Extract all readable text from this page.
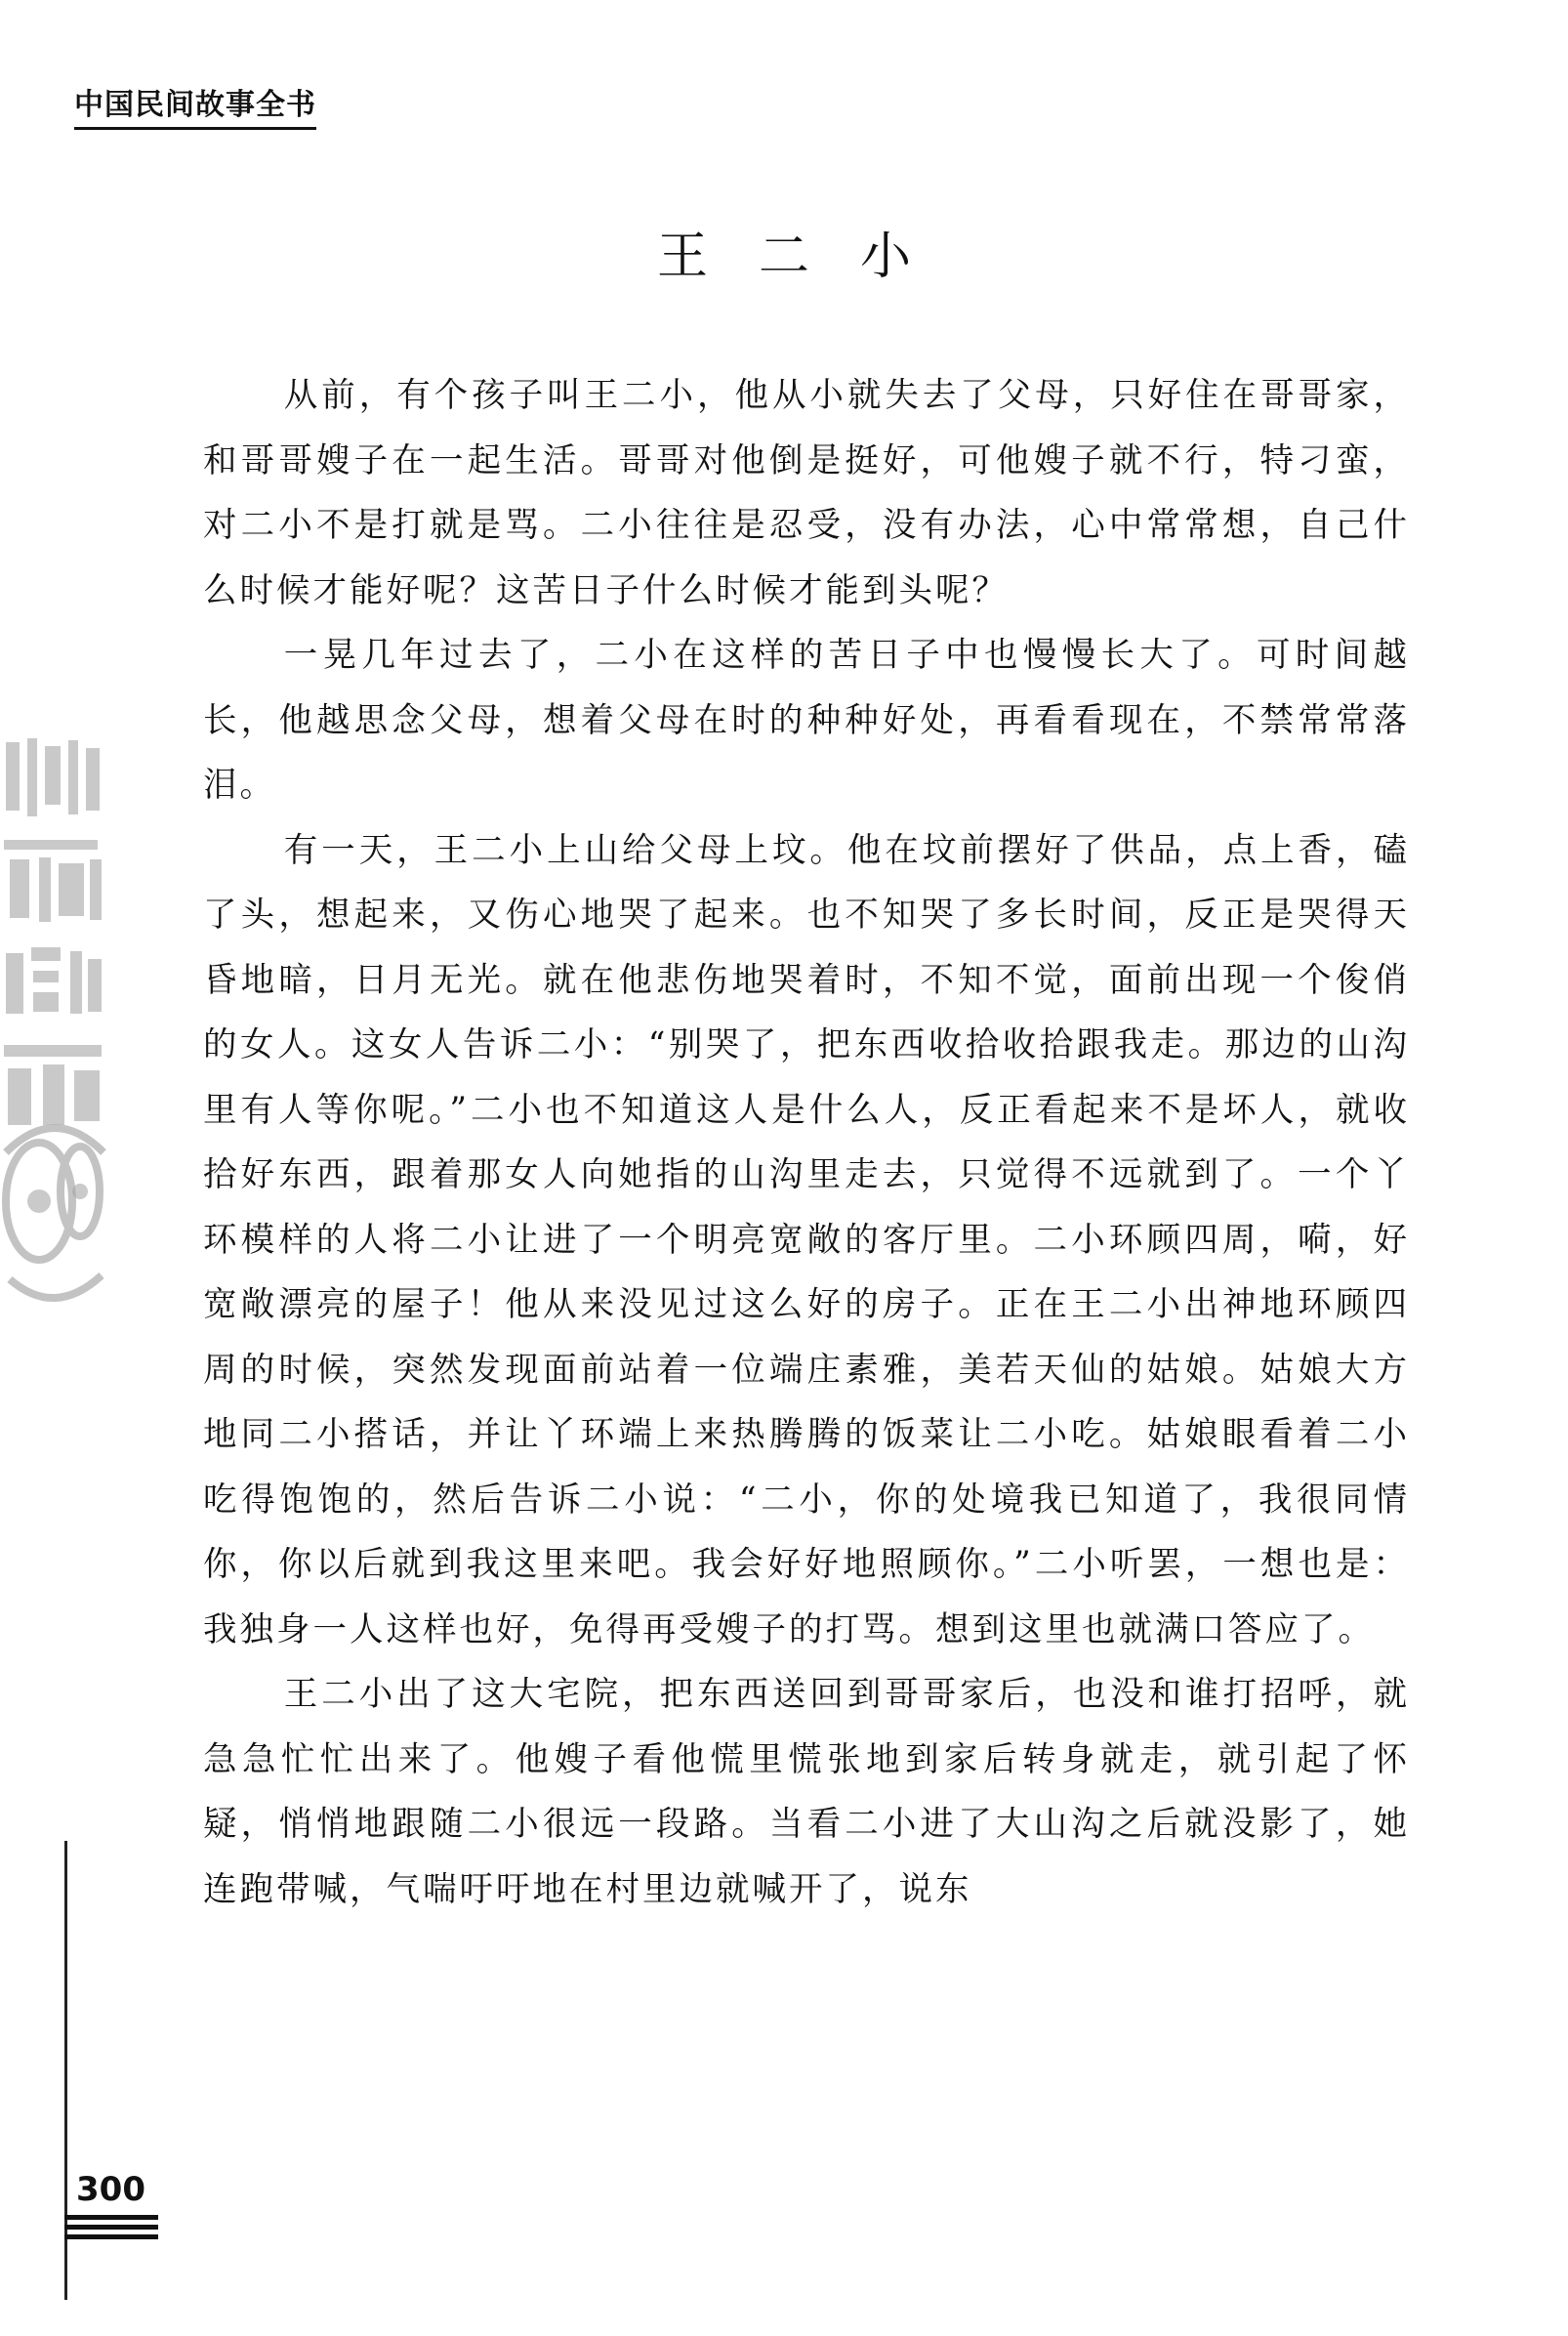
中国民间故事全书
王二小

从前，有个孩子叫王二小，他从小就失去了父母，只好住在哥哥家，和哥哥嫂子在一起生活。哥哥对他倒是挺好，可他嫂子就不行，特刁蛮，对二小不是打就是骂。二小往往是忍受，没有办法，心中常常想，自己什么时候才能好呢？这苦日子什么时候才能到头呢？

一晃几年过去了，二小在这样的苦日子中也慢慢长大了。可时间越长，他越思念父母，想着父母在时的种种好处，再看看现在，不禁常常落泪。

有一天，王二小上山给父母上坟。他在坟前摆好了供品，点上香，磕了头，想起来，又伤心地哭了起来。也不知哭了多长时间，反正是哭得天昏地暗，日月无光。就在他悲伤地哭着时，不知不觉，面前出现一个俊俏的女人。这女人告诉二小：“别哭了，把东西收拾收拾跟我走。那边的山沟里有人等你呢。”二小也不知道这人是什么人，反正看起来不是坏人，就收拾好东西，跟着那女人向她指的山沟里走去，只觉得不远就到了。一个丫环模样的人将二小让进了一个明亮宽敞的客厅里。二小环顾四周，嗬，好宽敞漂亮的屋子！他从来没见过这么好的房子。正在王二小出神地环顾四周的时候，突然发现面前站着一位端庄素雅，美若天仙的姑娘。姑娘大方地同二小搭话，并让丫环端上来热腾腾的饭菜让二小吃。姑娘眼看着二小吃得饱饱的，然后告诉二小说：“二小，你的处境我已知道了，我很同情你，你以后就到我这里来吧。我会好好地照顾你。”二小听罢，一想也是：我独身一人这样也好，免得再受嫂子的打骂。想到这里也就满口答应了。

王二小出了这大宅院，把东西送回到哥哥家后，也没和谁打招呼，就急急忙忙出来了。他嫂子看他慌里慌张地到家后转身就走，就引起了怀疑，悄悄地跟随二小很远一段路。当看二小进了大山沟之后就没影了，她连跑带喊，气喘吁吁地在村里边就喊开了，说东

300
